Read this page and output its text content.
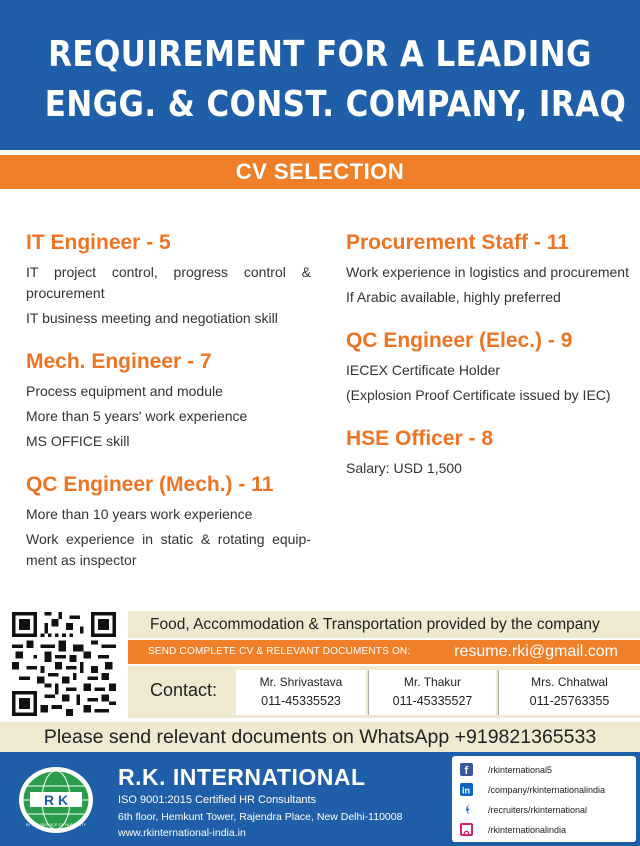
REQUIREMENT FOR A LEADING
ENGG. & CONST. COMPANY, IRAQ
CV SELECTION
IT Engineer - 5
IT project control, progress control & procurement
IT business meeting and negotiation skill
Mech. Engineer - 7
Process equipment and module
More than 5 years' work experience
MS OFFICE skill
QC Engineer (Mech.) - 11
More than 10 years work experience
Work experience in static & rotating equip-ment as inspector
Procurement Staff - 11
Work experience in logistics and procurement
If Arabic available, highly preferred
QC Engineer (Elec.) - 9
IECEX Certificate Holder
(Explosion Proof Certificate issued by IEC)
HSE Officer - 8
Salary: USD 1,500
Food, Accommodation & Transportation provided by the company
SEND COMPLETE CV & RELEVANT DOCUMENTS ON:	resume.rki@gmail.com
Contact:	Mr. Shrivastava
011-45335523
Mr. Thakur
011-45335527
Mrs. Chhatwal
011-25763355
Please send relevant documents on WhatsApp +919821365533
R K
IN THE SERVICE OF HUMANITY
R.K. INTERNATIONAL
ISO 9001:2015 Certified HR Consultants
6th floor, Hemkunt Tower, Rajendra Place, New Delhi-110008
www.rkinternational-india.in
f /rkinternational5
in /company/rkinternationalindia
/recruiters/rkinternational
/rkinternationalindia
